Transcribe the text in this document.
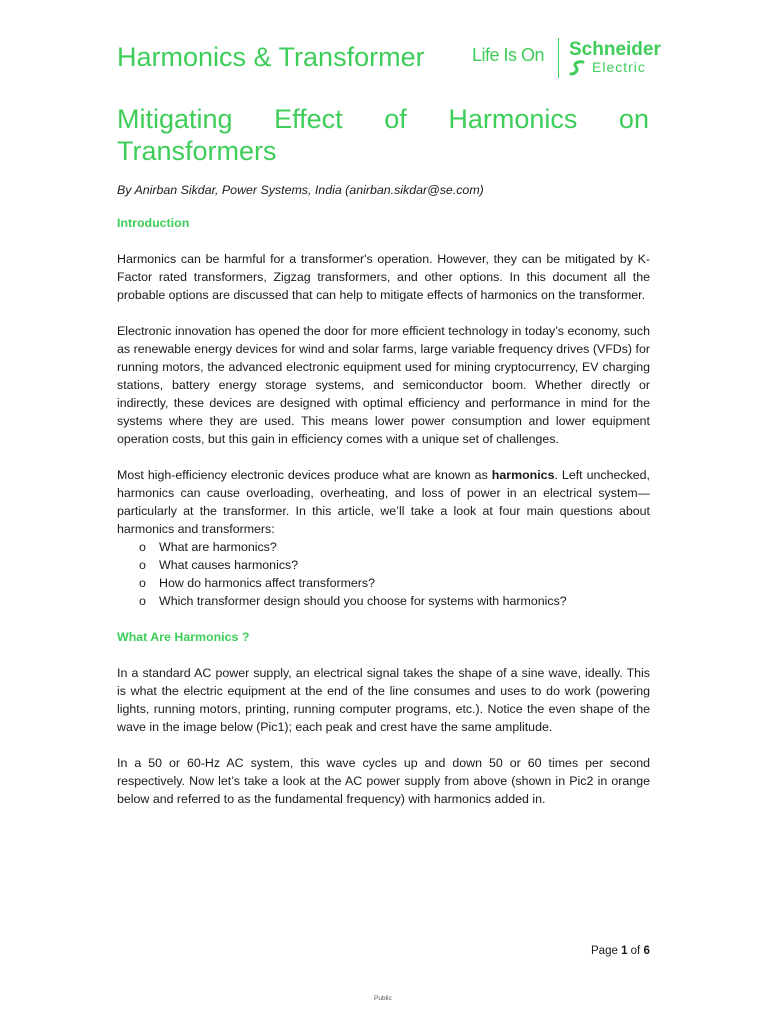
Harmonics & Transformer	Life Is On Schneider
Electric
Mitigating Effect of Harmonics on
Transformers

By Anirban Sikdar, Power Systems, India (anirban.sikdar@se.com)

Introduction

Harmonics can be harmful for a transformer's operation. However, they can be mitigated by K-Factor rated transformers, Zigzag transformers, and other options. In this document all the probable options are discussed that can help to mitigate effects of harmonics on the transformer.

Electronic innovation has opened the door for more efficient technology in today’s economy, such as renewable energy devices for wind and solar farms, large variable frequency drives (VFDs) for running motors, the advanced electronic equipment used for mining cryptocurrency, EV charging stations, battery energy storage systems, and semiconductor boom. Whether directly or indirectly, these devices are designed with optimal efficiency and performance in mind for the systems where they are used. This means lower power consumption and lower equipment operation costs, but this gain in efficiency comes with a unique set of challenges.

Most high-efficiency electronic devices produce what are known as harmonics. Left unchecked, harmonics can cause overloading, overheating, and loss of power in an electrical system—particularly at the transformer. In this article, we’ll take a look at four main questions about harmonics and transformers:

o What are harmonics?
o What causes harmonics?
o How do harmonics affect transformers?
o Which transformer design should you choose for systems with harmonics?

What Are Harmonics ?

In a standard AC power supply, an electrical signal takes the shape of a sine wave, ideally. This is what the electric equipment at the end of the line consumes and uses to do work (powering lights, running motors, printing, running computer programs, etc.). Notice the even shape of the wave in the image below (Pic1); each peak and crest have the same amplitude.

In a 50 or 60-Hz AC system, this wave cycles up and down 50 or 60 times per second respectively. Now let’s take a look at the AC power supply from above (shown in Pic2 in orange below and referred to as the fundamental frequency) with harmonics added in.

Page 1 of 6
Public
